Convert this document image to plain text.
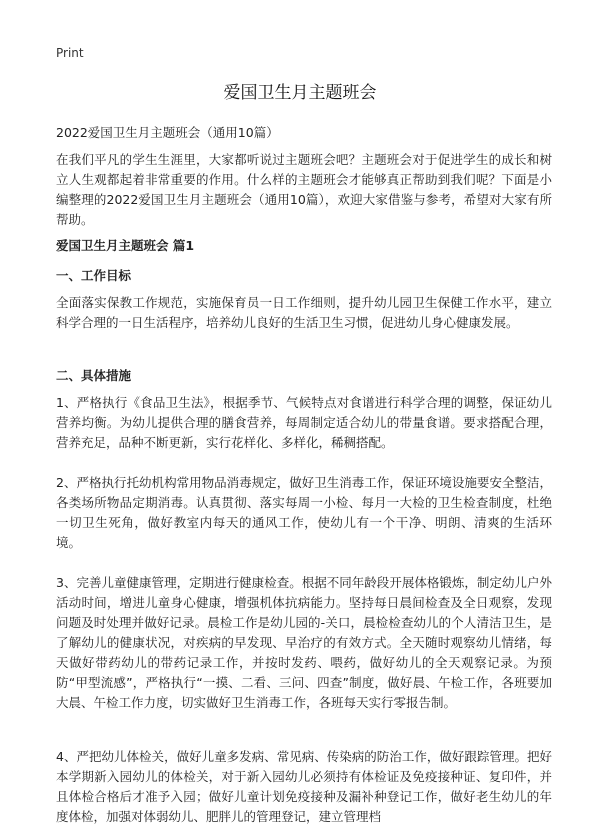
Print
爱国卫生月主题班会
2022爱国卫生月主题班会（通用10篇）

在我们平凡的学生生涯里，大家都听说过主题班会吧？主题班会对于促进学生的成长和树立人生观都起着非常重要的作用。什么样的主题班会才能够真正帮助到我们呢？下面是小编整理的2022爱国卫生月主题班会（通用10篇），欢迎大家借鉴与参考，希望对大家有所帮助。

爱国卫生月主题班会 篇1

一、工作目标

全面落实保教工作规范，实施保育员一日工作细则，提升幼儿园卫生保健工作水平，建立科学合理的一日生活程序，培养幼儿良好的生活卫生习惯，促进幼儿身心健康发展。

二、具体措施

1、严格执行《食品卫生法》，根据季节、气候特点对食谱进行科学合理的调整，保证幼儿营养均衡。为幼儿提供合理的膳食营养，每周制定适合幼儿的带量食谱。要求搭配合理，营养充足，品种不断更新，实行花样化、多样化，稀稠搭配。

2、严格执行托幼机构常用物品消毒规定，做好卫生消毒工作，保证环境设施要安全整洁，各类场所物品定期消毒。认真贯彻、落实每周一小检、每月一大检的卫生检查制度，杜绝一切卫生死角，做好教室内每天的通风工作，使幼儿有一个干净、明朗、清爽的生活环境。

3、完善儿童健康管理，定期进行健康检查。根据不同年龄段开展体格锻炼，制定幼儿户外活动时间，增进儿童身心健康，增强机体抗病能力。坚持每日晨间检查及全日观察，发现问题及时处理并做好记录。晨检工作是幼儿园的-关口，晨检检查幼儿的个人清洁卫生，是了解幼儿的健康状况，对疾病的早发现、早治疗的有效方式。全天随时观察幼儿情绪，每天做好带药幼儿的带药记录工作，并按时发药、喂药，做好幼儿的全天观察记录。为预防“甲型流感”，严格执行“一摸、二看、三问、四查”制度，做好晨、午检工作，各班要加大晨、午检工作力度，切实做好卫生消毒工作，各班每天实行零报告制。

4、严把幼儿体检关，做好儿童多发病、常见病、传染病的防治工作，做好跟踪管理。把好本学期新入园幼儿的体检关，对于新入园幼儿必须持有体检证及免疫接种证、复印件，并且体检合格后才准予入园；做好儿童计划免疫接种及漏补种登记工作，做好老生幼儿的年度体检，加强对体弱幼儿、肥胖儿的管理登记，建立管理档
